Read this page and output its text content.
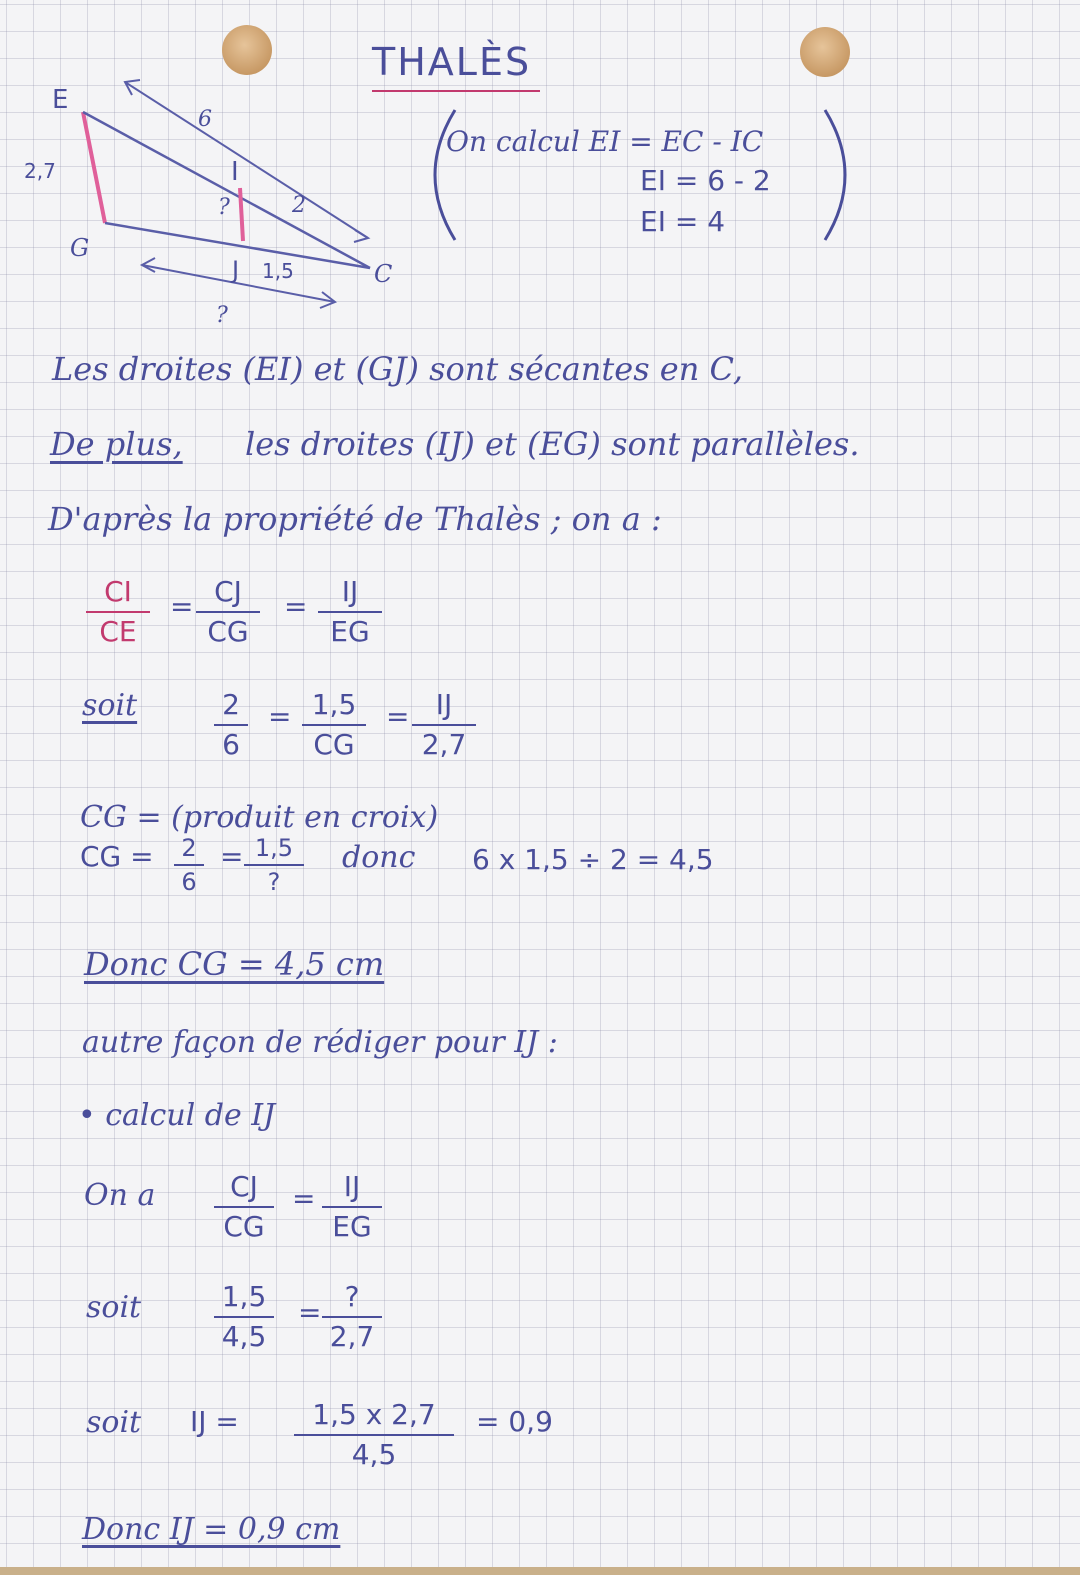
THALÈS
E
2,7
G
6
I
?	2
J 1,5	C
?
On calcul EI = EC - IC
EI = 6 - 2
EI = 4
Les droites (EI) et (GJ) sont sécantes en C,
De plus, les droites (IJ) et (EG) sont parallèles.
D'après la propriété de Thalès ; on a :
CI
CE
= CJ
CG
=	IJ
EG
soit	2
6
= 1,5
CG
= IJ
2,7
CG = (produit en croix)
CG =	2
6
= 1,5
?
donc 6 x 1,5 ÷ 2 = 4,5
Donc CG = 4,5 cm
autre façon de rédiger pour IJ :
• calcul de IJ
On a	CJ
CG
=	IJ
EG
soit	1,5
4,5
= ?
2,7
soit IJ =	1,5 x 2,7
4,5
= 0,9
Donc IJ = 0,9 cm
